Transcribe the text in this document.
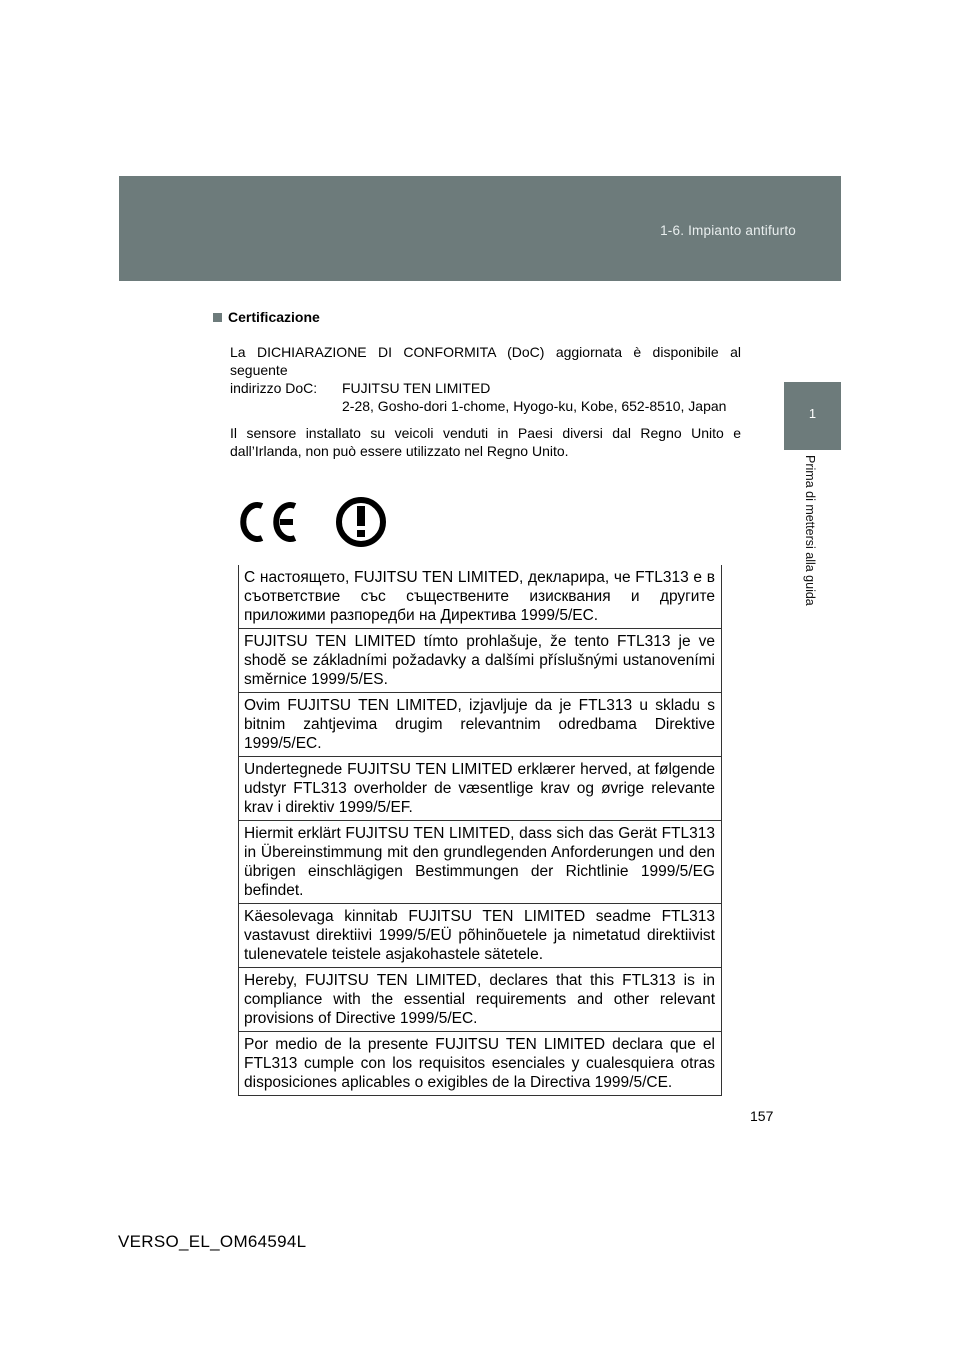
1-6. Impianto antifurto
1
Prima di mettersi alla guida
Certificazione
La DICHIARAZIONE DI CONFORMITA (DoC) aggiornata è disponibile al seguente
indirizzo DoC:	FUJITSU TEN LIMITED
2-28, Gosho-dori 1-chome, Hyogo-ku, Kobe, 652-8510, Japan
Il sensore installato su veicoli venduti in Paesi diversi dal Regno Unito e dall’Irlanda, non può essere utilizzato nel Regno Unito.
С настоящето, FUJITSU TEN LIMITED, декларира, че FTL313 е в съответствие със съществените изисквания и другите приложими разпоредби на Директива 1999/5/EC.
FUJITSU TEN LIMITED tímto prohlašuje, že tento FTL313 je ve shodě se základními požadavky a dalšími příslušnými ustanoveními směrnice 1999/5/ES.
Ovim FUJITSU TEN LIMITED, izjavljuje da je FTL313 u skladu s bitnim zahtjevima drugim relevantnim odredbama Direktive 1999/5/EC.
Undertegnede FUJITSU TEN LIMITED erklærer herved, at følgende udstyr FTL313 overholder de væsentlige krav og øvrige relevante krav i direktiv 1999/5/EF.
Hiermit erklärt FUJITSU TEN LIMITED, dass sich das Gerät FTL313 in Übereinstimmung mit den grundlegenden Anforderungen und den übrigen einschlägigen Bestimmungen der Richtlinie 1999/5/EG befindet.
Käesolevaga kinnitab FUJITSU TEN LIMITED seadme FTL313 vastavust direktiivi 1999/5/EÜ põhinõuetele ja nimetatud direktiivist tulenevatele teistele asjakohastele sätetele.
Hereby, FUJITSU TEN LIMITED, declares that this FTL313 is in compliance with the essential requirements and other relevant provisions of Directive 1999/5/EC.
Por medio de la presente FUJITSU TEN LIMITED declara que el FTL313 cumple con los requisitos esenciales y cualesquiera otras disposiciones aplicables o exigibles de la Directiva 1999/5/CE.
157
VERSO_EL_OM64594L
